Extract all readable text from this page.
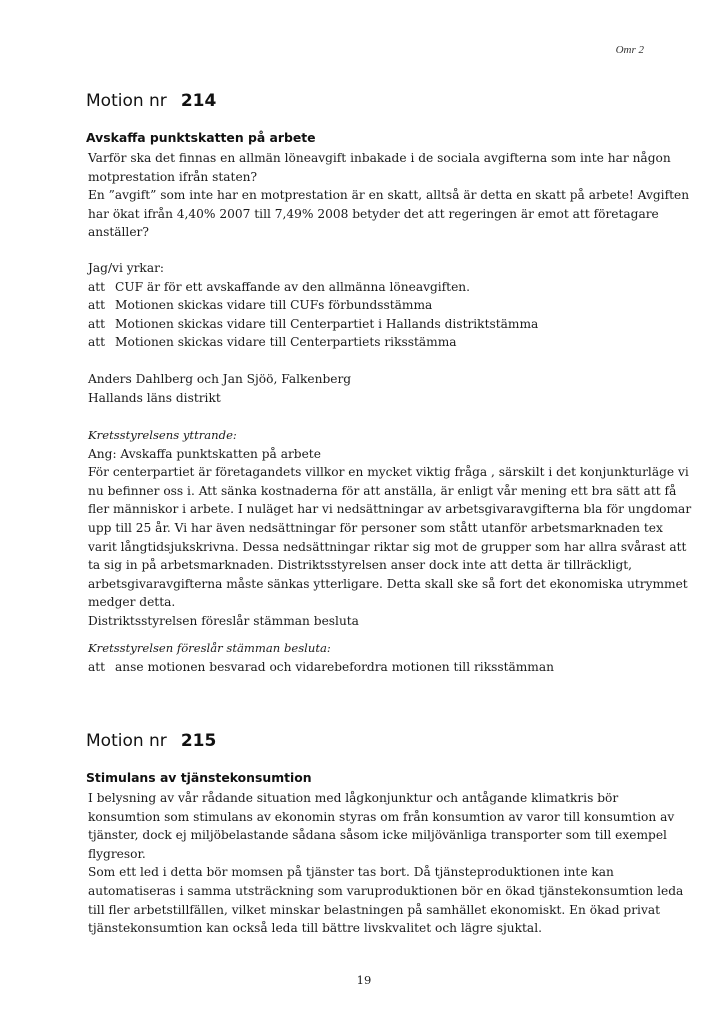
Omr 2
Motion nr 214
Avskaffa punktskatten på arbete
Varför ska det finnas en allmän löneavgift inbakade i de sociala avgifterna som inte har någon
motprestation ifrån staten?
En ”avgift” som inte har en motprestation är en skatt, alltså är detta en skatt på arbete! Avgiften
har ökat ifrån 4,40% 2007 till 7,49% 2008 betyder det att regeringen är emot att företagare
anställer?
Jag/vi yrkar:
att CUF är för ett avskaffande av den allmänna löneavgiften.
att Motionen skickas vidare till CUFs förbundsstämma
att Motionen skickas vidare till Centerpartiet i Hallands distriktstämma
att Motionen skickas vidare till Centerpartiets riksstämma
Anders Dahlberg och Jan Sjöö, Falkenberg
Hallands läns distrikt
Kretsstyrelsens yttrande:
Ang: Avskaffa punktskatten på arbete
För centerpartiet är företagandets villkor en mycket viktig fråga , särskilt i det konjunkturläge vi
nu befinner oss i. Att sänka kostnaderna för att anställa, är enligt vår mening ett bra sätt att få
fler människor i arbete. I nuläget har vi nedsättningar av arbetsgivaravgifterna bla för ungdomar
upp till 25 år. Vi har även nedsättningar för personer som stått utanför arbetsmarknaden tex
varit långtidsjukskrivna. Dessa nedsättningar riktar sig mot de grupper som har allra svårast att
ta sig in på arbetsmarknaden. Distriktsstyrelsen anser dock inte att detta är tillräckligt,
arbetsgivaravgifterna måste sänkas ytterligare. Detta skall ske så fort det ekonomiska utrymmet
medger detta.
Distriktsstyrelsen föreslår stämman besluta
Kretsstyrelsen föreslår stämman besluta:
att anse motionen besvarad och vidarebefordra motionen till riksstämman
Motion nr 215
Stimulans av tjänstekonsumtion
I belysning av vår rådande situation med lågkonjunktur och antågande klimatkris bör
konsumtion som stimulans av ekonomin styras om från konsumtion av varor till konsumtion av
tjänster, dock ej miljöbelastande sådana såsom icke miljövänliga transporter som till exempel
flygresor.
Som ett led i detta bör momsen på tjänster tas bort. Då tjänsteproduktionen inte kan
automatiseras i samma utsträckning som varuproduktionen bör en ökad tjänstekonsumtion leda
till fler arbetstillfällen, vilket minskar belastningen på samhället ekonomiskt. En ökad privat
tjänstekonsumtion kan också leda till bättre livskvalitet och lägre sjuktal.
19
